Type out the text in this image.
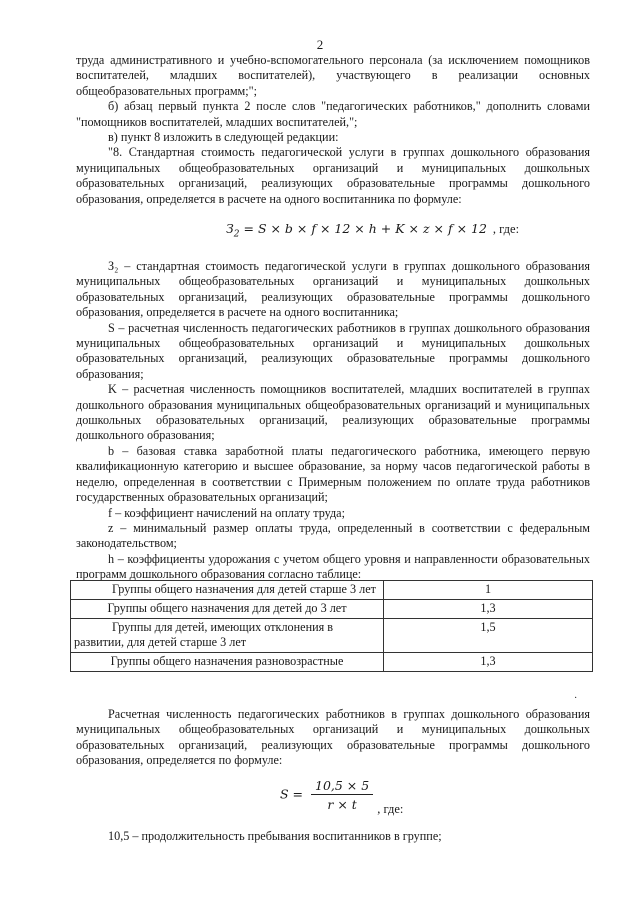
2

труда административного и учебно-вспомогательного персонала (за исключением помощников воспитателей, младших воспитателей), участвующего в реализации основных общеобразовательных программ;";

б) абзац первый пункта 2 после слов "педагогических работников," дополнить словами "помощников воспитателей, младших воспитателей,";

в) пункт 8 изложить в следующей редакции:

"8. Стандартная стоимость педагогической услуги в группах дошкольного образования муниципальных общеобразовательных организаций и муниципальных дошкольных образовательных организаций, реализующих образовательные программы дошкольного образования, определяется в расчете на одного воспитанника по формуле:

$З_2 = S \times b \times f \times 12 \times h + K \times z \times f \times 12$ , где:

З₂ – стандартная стоимость педагогической услуги в группах дошкольного образования муниципальных общеобразовательных организаций и муниципальных дошкольных образовательных организаций, реализующих образовательные программы дошкольного образования, определяется в расчете на одного воспитанника;

S – расчетная численность педагогических работников в группах дошкольного образования муниципальных общеобразовательных организаций и муниципальных дошкольных образовательных организаций, реализующих образовательные программы дошкольного образования;

K – расчетная численность помощников воспитателей, младших воспитателей в группах дошкольного образования муниципальных общеобразовательных организаций и муниципальных дошкольных образовательных организаций, реализующих образовательные программы дошкольного образования;

b – базовая ставка заработной платы педагогического работника, имеющего первую квалификационную категорию и высшее образование, за норму часов педагогической работы в неделю, определенная в соответствии с Примерным положением по оплате труда работников государственных образовательных организаций;

f – коэффициент начислений на оплату труда;

z – минимальный размер оплаты труда, определенный в соответствии с федеральным законодательством;

h – коэффициенты удорожания с учетом общего уровня и направленности образовательных программ дошкольного образования согласно таблице:

Группы общего назначения для детей старше 3 лет	1
Группы общего назначения для детей до 3 лет	1,3

Группы для детей, имеющих отклонения в развитии, для детей старше 3 лет	1,5
Группы общего назначения разновозрастные	1,3
·

Расчетная численность педагогических работников в группах дошкольного образования муниципальных общеобразовательных организаций и муниципальных дошкольных образовательных организаций, реализующих образовательные программы дошкольного образования, определяется по формуле:

$S = \frac{10,5 \times 5}{r \times t}$ , где:

10,5 – продолжительность пребывания воспитанников в группе;
